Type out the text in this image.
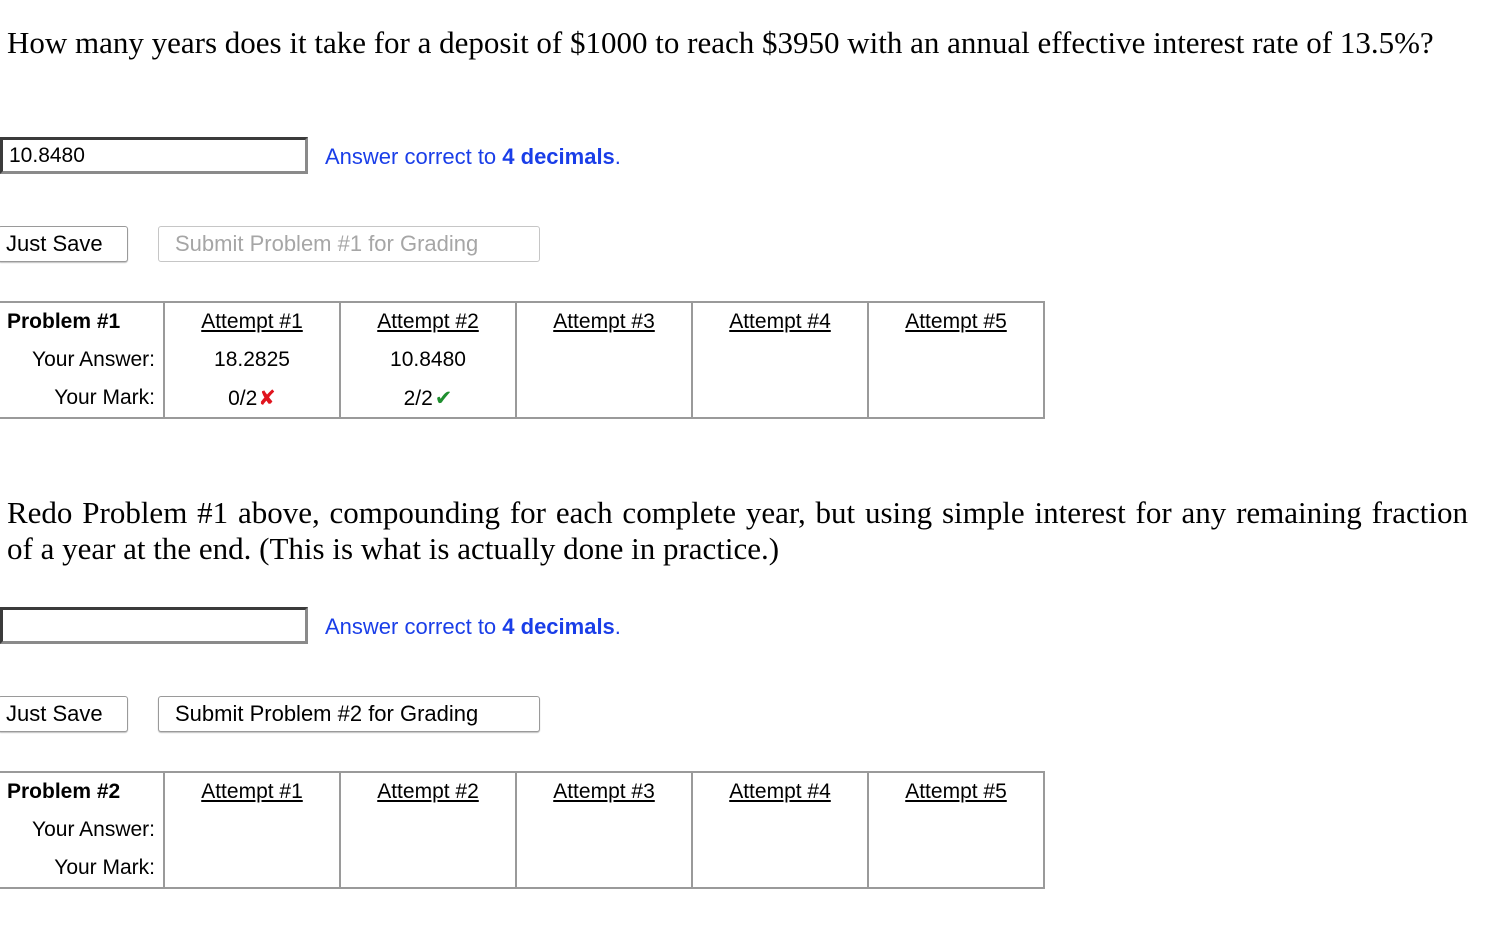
How many years does it take for a deposit of $1000 to reach $3950 with an annual effective interest rate of 13.5%?

10.8480
Answer correct to 4 decimals.
Just Save	Submit Problem #1 for Grading
Problem #1	Attempt #1	Attempt #2	Attempt #3	Attempt #4	Attempt #5
Your Answer:	18.2825	10.8480			
Your Mark:	0/2✘	2/2✔			

Redo Problem #1 above, compounding for each complete year, but using simple interest for any remaining fraction of a year at the end. (This is what is actually done in practice.)

Answer correct to 4 decimals.
Just Save	Submit Problem #2 for Grading
Problem #2	Attempt #1	Attempt #2	Attempt #3	Attempt #4	Attempt #5
Your Answer:					
Your Mark:					
